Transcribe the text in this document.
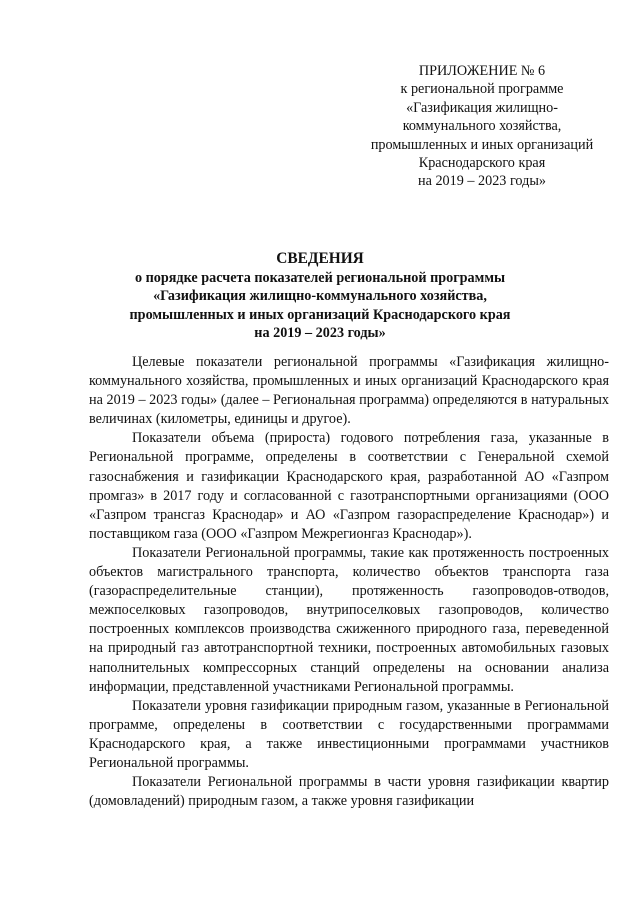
ПРИЛОЖЕНИЕ № 6
к региональной программе
«Газификация жилищно-
коммунального хозяйства,
промышленных и иных организаций
Краснодарского края
на 2019 – 2023 годы»
СВЕДЕНИЯ
о порядке расчета показателей региональной программы
«Газификация жилищно-коммунального хозяйства,
промышленных и иных организаций Краснодарского края
на 2019 – 2023 годы»

Целевые показатели региональной программы «Газификация жилищно-коммунального хозяйства, промышленных и иных организаций Краснодарского края на 2019 – 2023 годы» (далее – Региональная программа) определяются в натуральных величинах (километры, единицы и другое).

Показатели объема (прироста) годового потребления газа, указанные в Региональной программе, определены в соответствии с Генеральной схемой газоснабжения и газификации Краснодарского края, разработанной АО «Газпром промгаз» в 2017 году и согласованной с газотранспортными организациями (ООО «Газпром трансгаз Краснодар» и АО «Газпром газораспределение Краснодар») и поставщиком газа (ООО «Газпром Межрегионгаз Краснодар»).

Показатели Региональной программы, такие как протяженность построенных объектов магистрального транспорта, количество объектов транспорта газа (газораспределительные станции), протяженность газопроводов-отводов, межпоселковых газопроводов, внутрипоселковых газопроводов, количество построенных комплексов производства сжиженного природного газа, переведенной на природный газ автотранспортной техники, построенных автомобильных газовых наполнительных компрессорных станций определены на основании анализа информации, представленной участниками Региональной программы.

Показатели уровня газификации природным газом, указанные в Региональной программе, определены в соответствии с государственными программами Краснодарского края, а также инвестиционными программами участников Региональной программы.

Показатели Региональной программы в части уровня газификации квартир (домовладений) природным газом, а также уровня газификации
